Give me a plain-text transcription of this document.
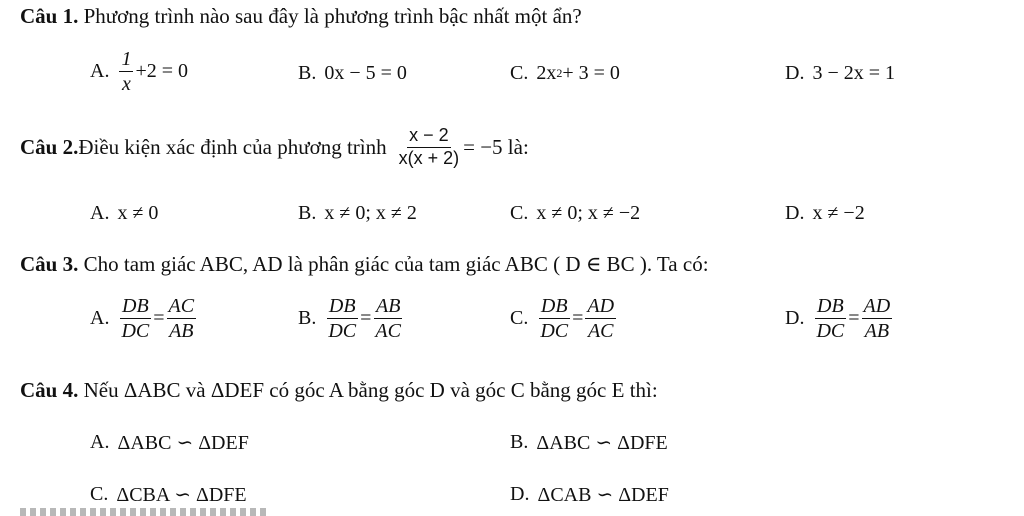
Câu 1. Phương trình nào sau đây là phương trình bậc nhất một ẩn?
A. $\frac{1}{x} +2 = 0$	B. 0x − 5 = 0	C. 2x 2 + 3 = 0	D. 3 − 2x = 1
Câu 2. Điều kiện xác định của phương trình $\frac{x - 2}{x(x + 2)} = -5$ là:
A. x ≠ 0	B. x ≠ 0; x ≠ 2	C. x ≠ 0; x ≠ −2	D. x ≠ −2
Câu 3. Cho tam giác ABC, AD là phân giác của tam giác ABC ( D ∈ BC ). Ta có:
A. $\frac{DB}{DC} = \frac{AC}{AB}$	B. $\frac{DB}{DC} = \frac{AB}{AC}$	C. $\frac{DB}{DC} = \frac{AD}{AC}$	D. $\frac{DB}{DC} = \frac{AD}{AB}$
Câu 4. Nếu ΔABC và ΔDEF có góc A bằng góc D và góc C bằng góc E thì:
A. ΔABC ∽ ΔDEF	B. ΔABC ∽ ΔDFE
C. ΔCBA ∽ ΔDFE	D. ΔCAB ∽ ΔDEF
